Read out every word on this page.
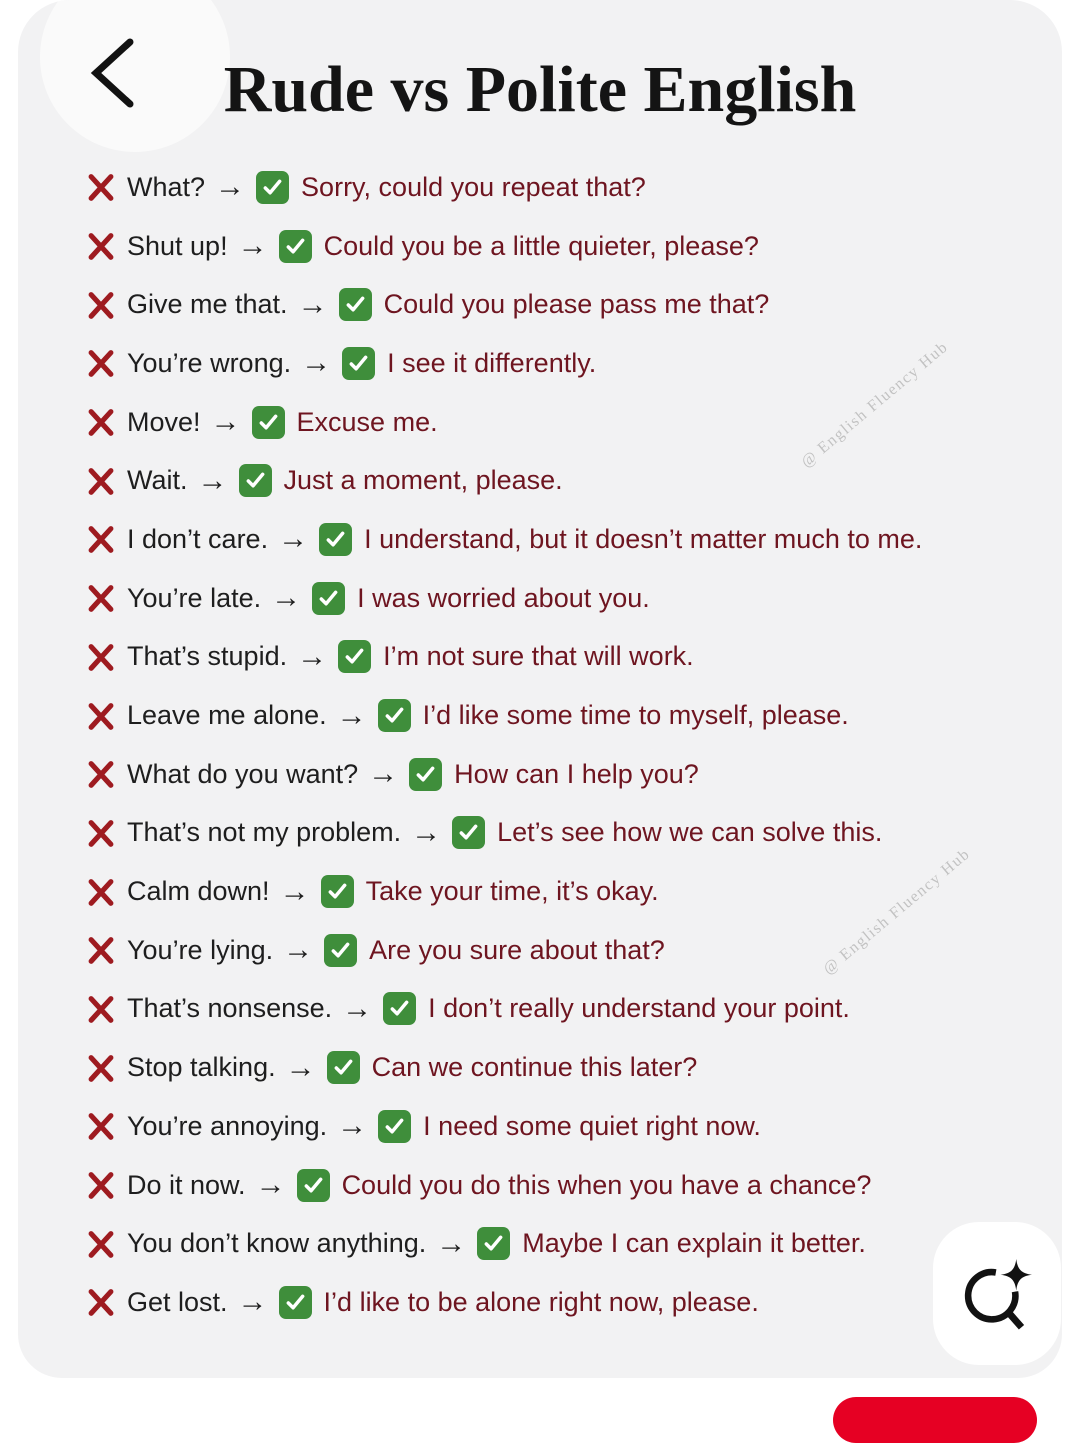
Rude vs Polite English
What? → Sorry, could you repeat that?
Shut up! → Could you be a little quieter, please?
Give me that. → Could you please pass me that?
You’re wrong. → I see it differently.
Move! → Excuse me.
Wait. → Just a moment, please.
I don’t care. → I understand, but it doesn’t matter much to me.
You’re late. → I was worried about you.
That’s stupid. → I’m not sure that will work.
Leave me alone. → I’d like some time to myself, please.
What do you want? → How can I help you?
That’s not my problem. → Let’s see how we can solve this.
Calm down! → Take your time, it’s okay.
You’re lying. → Are you sure about that?
That’s nonsense. → I don’t really understand your point.
Stop talking. → Can we continue this later?
You’re annoying. → I need some quiet right now.
Do it now. → Could you do this when you have a chance?
You don’t know anything. → Maybe I can explain it better.
Get lost. → I’d like to be alone right now, please.
@ English Fluency Hub
@ English Fluency Hub
